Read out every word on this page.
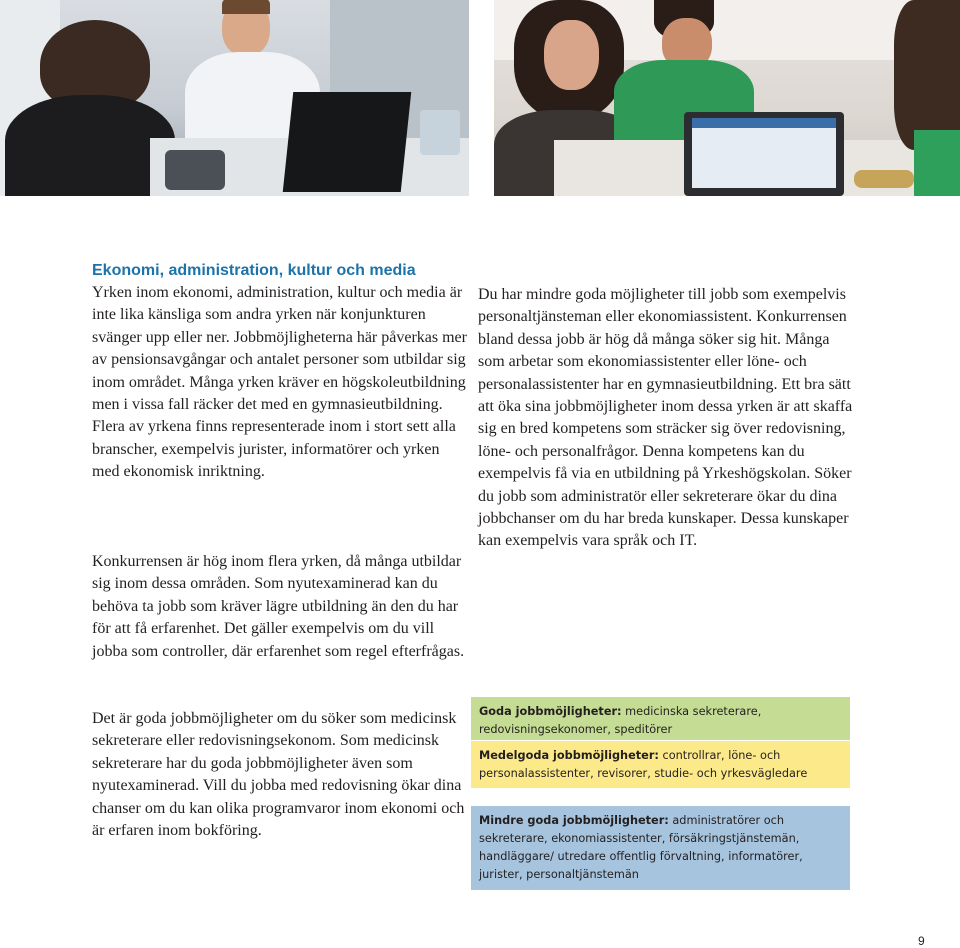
Ekonomi, administration, kultur och media

Yrken inom ekonomi, administration, kultur och media är inte lika känsliga som andra yrken när konjunkturen svänger upp eller ner. Jobbmöjligheterna här påverkas mer av pensionsavgångar och antalet personer som utbildar sig inom området. Många yrken kräver en högskoleutbildning men i vissa fall räcker det med en gymnasieutbildning. Flera av yrkena finns representerade inom i stort sett alla branscher, exempelvis jurister, informatörer och yrken med ekonomisk inriktning.

Konkurrensen är hög inom flera yrken, då många utbildar sig inom dessa områden. Som nyutexaminerad kan du behöva ta jobb som kräver lägre utbildning än den du har för att få erfarenhet. Det gäller exempelvis om du vill jobba som controller, där erfarenhet som regel efterfrågas.

Det är goda jobbmöjligheter om du söker som medicinsk sekreterare eller redovisningsekonom. Som medicinsk sekreterare har du goda jobbmöjligheter även som nyutexaminerad. Vill du jobba med redovisning ökar dina chanser om du kan olika programvaror inom ekonomi och är erfaren inom bokföring.

Du har mindre goda möjligheter till jobb som exempelvis personaltjänsteman eller ekonomiassistent. Konkurrensen bland dessa jobb är hög då många söker sig hit. Många som arbetar som ekonomiassistenter eller löne- och personalassistenter har en gymnasieutbildning. Ett bra sätt att öka sina jobbmöjligheter inom dessa yrken är att skaffa sig en bred kompetens som sträcker sig över redovisning, löne- och personalfrågor. Denna kompetens kan du exempelvis få via en utbildning på Yrkeshögskolan. Söker du jobb som administratör eller sekreterare ökar du dina jobbchanser om du har breda kunskaper. Dessa kunskaper kan exempelvis vara språk och IT.

Goda jobbmöjligheter: medicinska sekreterare, redovisningsekonomer, speditörer
Medelgoda jobbmöjligheter: controllrar, löne- och personalassistenter, revisorer, studie- och yrkesvägledare
Mindre goda jobbmöjligheter: administratörer och sekreterare, ekonomiassistenter, försäkringstjänstemän, handläggare/ utredare offentlig förvaltning, informatörer, jurister, personaltjänstemän
9
